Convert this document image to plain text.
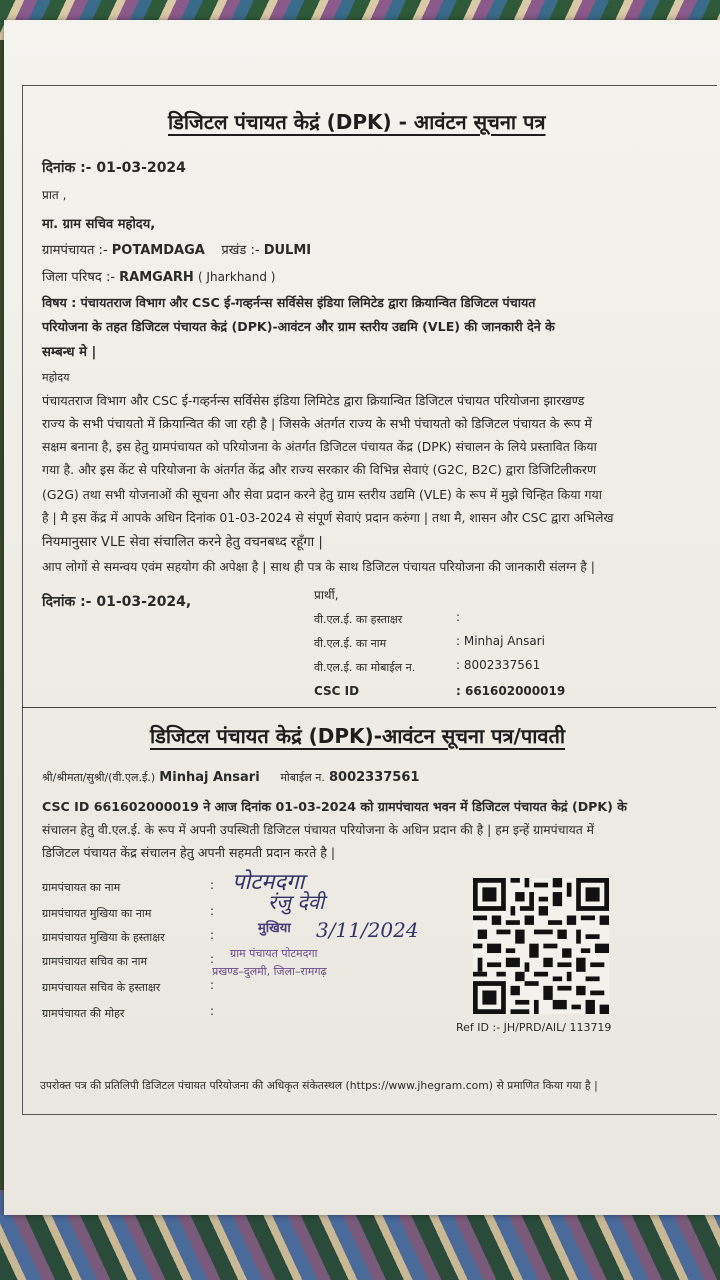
डिजिटल पंचायत केद्रं (DPK) - आवंटन सूचना पत्र
दिनांक :- 01-03-2024
प्रात ,
मा. ग्राम सचिव महोदय,
ग्रामपंचायत :- POTAMDAGA प्रखंड :- DULMI
जिला परिषद :- RAMGARH ( Jharkhand )
विषय : पंचायतराज विभाग और CSC ई-गव्हर्नन्स सर्विसेस इंडिया लिमिटेड द्वारा क्रियान्वित डिजिटल पंचायत
परियोजना के तहत डिजिटल पंचायत केद्रं (DPK)-आवंटन और ग्राम स्तरीय उद्यमि (VLE) की जानकारी देने के
सम्बन्ध मे |
महोदय
पंचायतराज विभाग और CSC ई-गव्हर्नन्स सर्विसेस इंडिया लिमिटेड द्वारा क्रियान्वित डिजिटल पंचायत परियोजना झारखण्ड
राज्य के सभी पंचायतो में क्रियान्वित की जा रही है | जिसके अंतर्गत राज्य के सभी पंचायतो को डिजिटल पंचायत के रूप में
सक्षम बनाना है, इस हेतु ग्रामपंचायत को परियोजना के अंतर्गत डिजिटल पंचायत केंद्र (DPK) संचालन के लिये प्रस्तावित किया
गया है. और इस केंट से परियोजना के अंतर्गत केंद्र और राज्य सरकार की विभिन्न सेवाएं (G2C, B2C) द्वारा डिजिटिलीकरण
(G2G) तथा सभी योजनाओं की सूचना और सेवा प्रदान करने हेतु ग्राम स्तरीय उद्यमि (VLE) के रूप में मुझे चिन्हित किया गया
है | मै इस केंद्र में आपके अधिन दिनांक 01-03-2024 से संपूर्ण सेवाएं प्रदान करुंगा | तथा मै, शासन और CSC द्वारा अभिलेख
नियमानुसार VLE सेवा संचालित करने हेतु वचनबध्द रहूँगा |
आप लोगों से समन्वय एवंम सहयोग की अपेक्षा है | साथ ही पत्र के साथ डिजिटल पंचायत परियोजना की जानकारी संलग्न है |
दिनांक :- 01-03-2024,	प्रार्थी,
वी.एल.ई. का हस्ताक्षर	:
वी.एल.ई. का नाम	: Minhaj Ansari
वी.एल.ई. का मोबाईल न.	: 8002337561
CSC ID	: 661602000019
डिजिटल पंचायत केद्रं (DPK)-आवंटन सूचना पत्र/पावती
श्री/श्रीमता/सुश्री/(वी.एल.ई.) Minhaj Ansari मोबाईल न. 8002337561
CSC ID 661602000019 ने आज दिनांक 01-03-2024 को ग्रामपंचायत भवन में डिजिटल पंचायत केद्रं (DPK) के
संचालन हेतु वी.एल.ई. के रूप में अपनी उपस्थिती डिजिटल पंचायत परियोजना के अधिन प्रदान की है | हम इन्हें ग्रामपंचायत में
डिजिटल पंचायत केंद्र संचालन हेतु अपनी सहमती प्रदान करते है |
ग्रामपंचायत का नाम	: पोटमदगा
ग्रामपंचायत मुखिया का नाम	:	रंजु देवी
ग्रामपंचायत मुखिया के हस्ताक्षर	:	मुखिया 3/11/2024
ग्रामपंचायत सचिव का नाम	: ग्राम पंचायत पोटमदगा
प्रखण्ड–दुलमी, जिला–रामगढ़
ग्रामपंचायत सचिव के हस्ताक्षर	:
ग्रामपंचायत की मोहर	:
Ref ID :- JH/PRD/AIL/ 113719
उपरोक्त पत्र की प्रतिलिपी डिजिटल पंचायत परियोजना की अधिकृत संकेतस्थल (https://www.jhegram.com) से प्रमाणित किया गया है |
